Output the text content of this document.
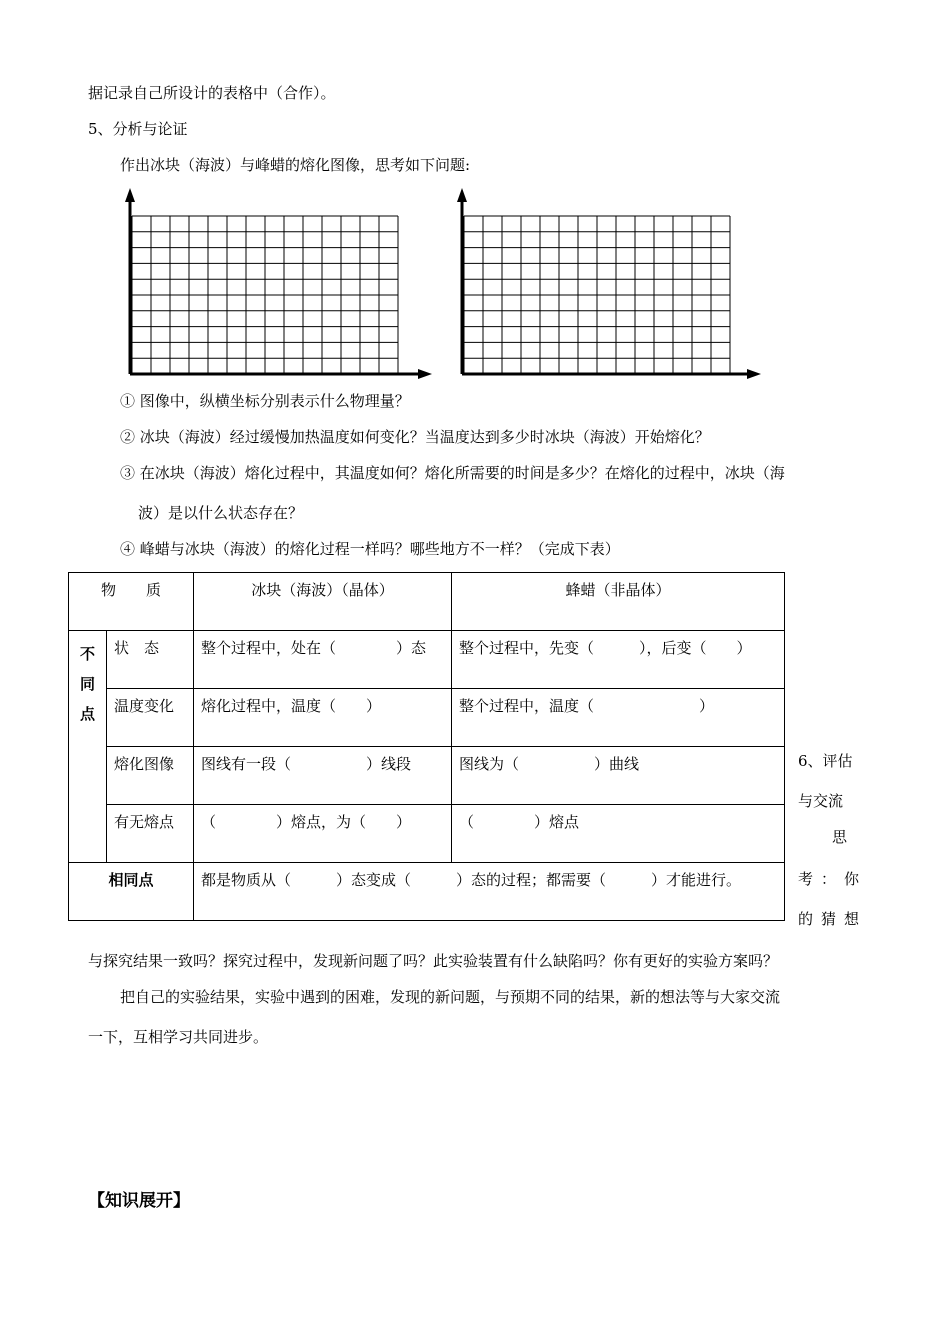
据记录自己所设计的表格中（合作）。
5、分析与论证
作出冰块（海波）与峰蜡的熔化图像，思考如下问题:
① 图像中，纵横坐标分别表示什么物理量？
② 冰块（海波）经过缓慢加热温度如何变化？当温度达到多少时冰块（海波）开始熔化？
③ 在冰块（海波）熔化过程中，其温度如何？熔化所需要的时间是多少？在熔化的过程中，冰块（海
波）是以什么状态存在？
④ 峰蜡与冰块（海波）的熔化过程一样吗？哪些地方不一样？（完成下表）
物　　质		冰块（海波）（晶体）	蜂蜡（非晶体）
不同点	状　态	整个过程中，处在（　　　　）态	整个过程中，先变（　　　），后变（　　）
	温度变化	熔化过程中，温度（　　）	整个过程中，温度（　　　　　　　）
	熔化图像	图线有一段（　　　　　）线段	图线为（　　　　　）曲线
	有无熔点	（　　　　）熔点，为（　　）	（　　　　）熔点
相同点		都是物质从（　　　）态变成（　　　）态的过程；都需要（　　　）才能进行。	
6、评估
与交流
思
考：你
的猜想
与探究结果一致吗？探究过程中，发现新问题了吗？此实验装置有什么缺陷吗？你有更好的实验方案吗？
把自己的实验结果，实验中遇到的困难，发现的新问题，与预期不同的结果，新的想法等与大家交流
一下，互相学习共同进步。
【知识展开】
